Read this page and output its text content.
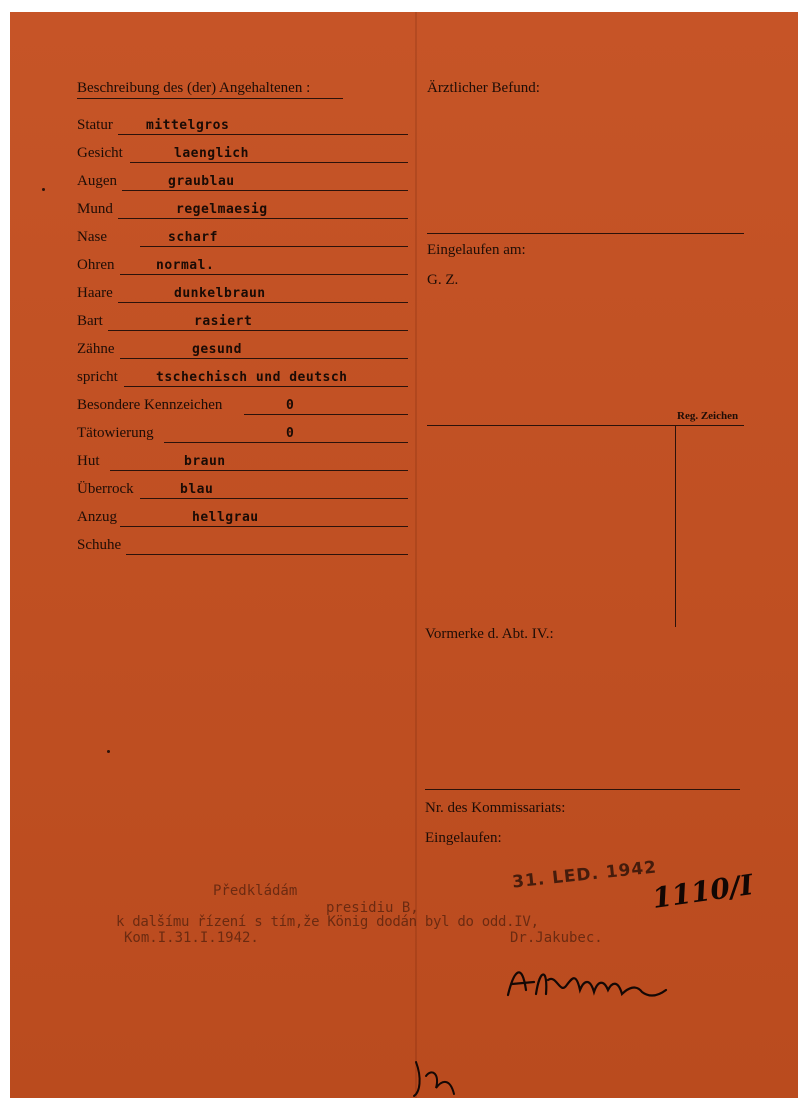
Beschreibung des (der) Angehaltenen :
Statur	mittelgros
Gesicht	laenglich
Augen	graublau
Mund	regelmaesig
Nase	scharf
Ohren	normal.
Haare	dunkelbraun
Bart	rasiert
Zähne	gesund
spricht	tschechisch und deutsch
Besondere Kennzeichen	0
Tätowierung	0
Hut	braun
Überrock	blau
Anzug	hellgrau
Schuhe
Ärztlicher Befund:
Eingelaufen am:
G. Z.
Reg. Zeichen
Vormerke d. Abt. IV.:
Nr. des Kommissariats:
Eingelaufen:
Předkládám
presidiu B,
k dalšímu řízení s tím,že König dodán byl do odd.IV,
Kom.I.31.I.1942.	Dr.Jakubec.
31. LED. 1942
1110/I
